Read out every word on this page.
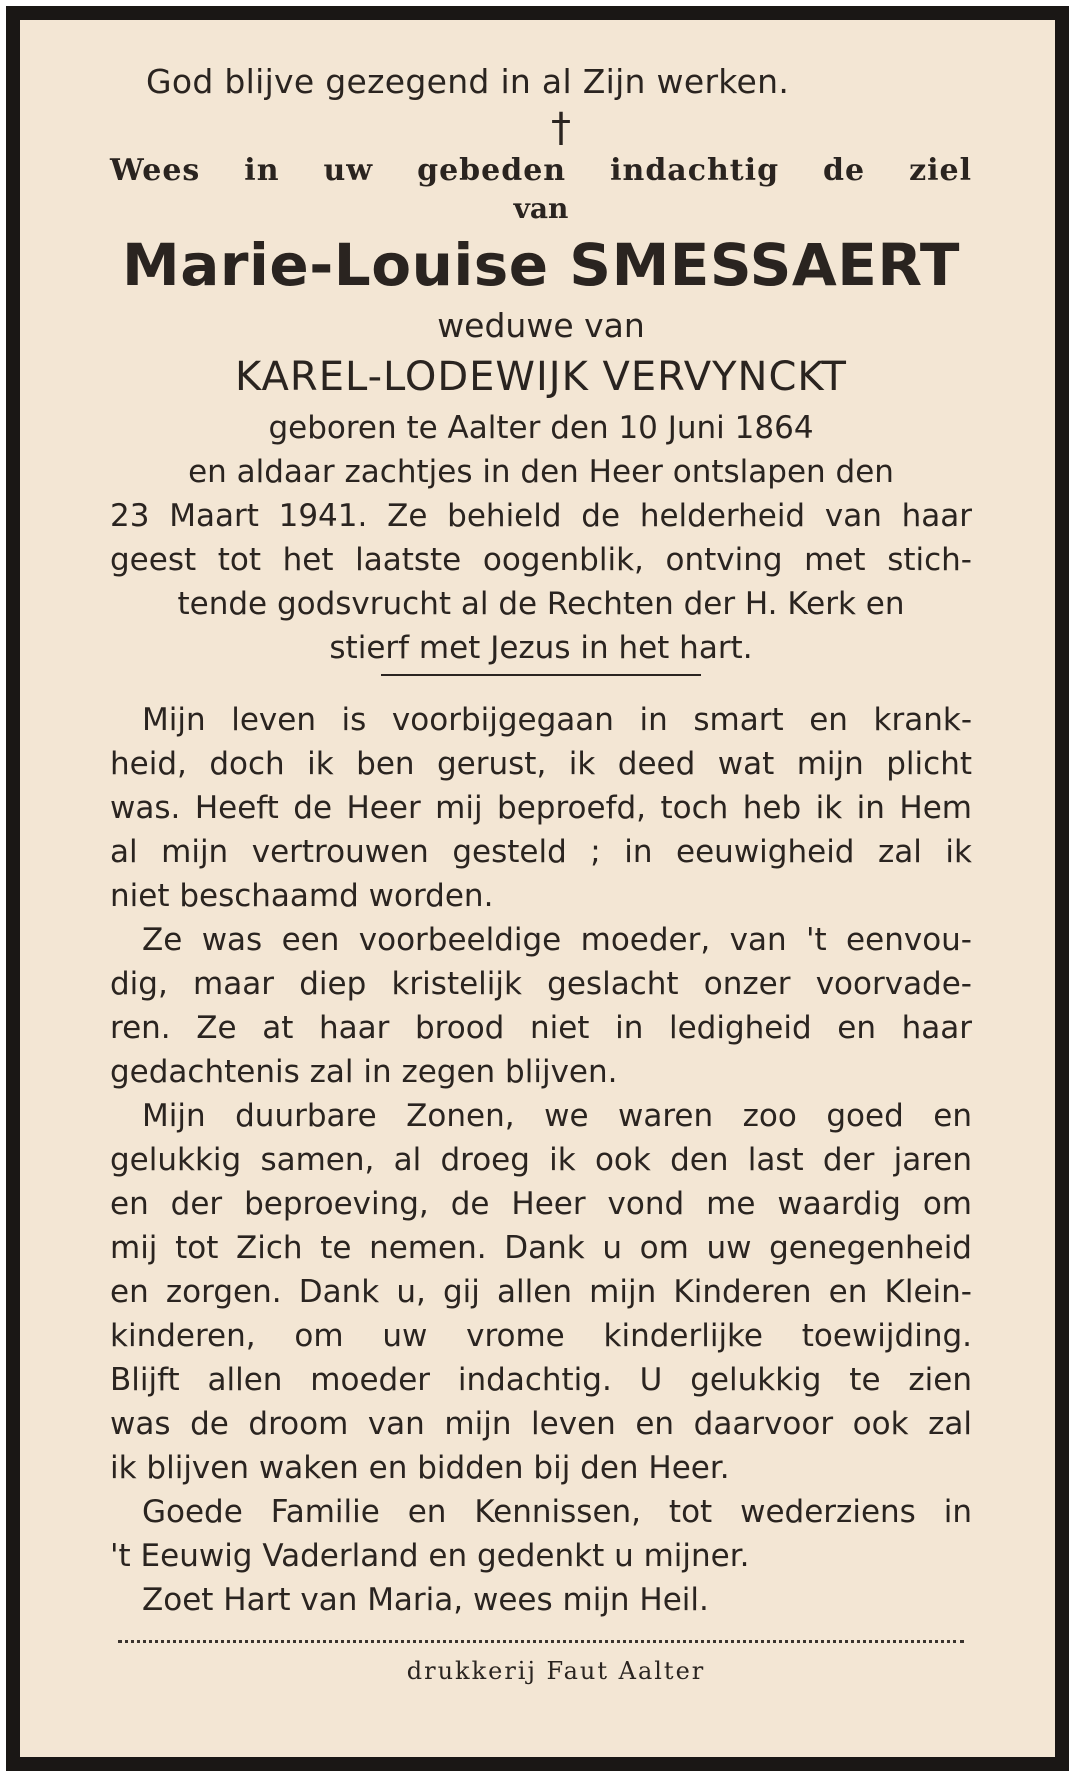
God blijve gezegend in al Zijn werken.
†
Wees in uw gebeden indachtig de ziel
van
Marie-Louise SMESSAERT
weduwe van
KAREL-LODEWIJK VERVYNCKT
geboren te Aalter den 10 Juni 1864
en aldaar zachtjes in den Heer ontslapen den
23 Maart 1941. Ze behield de helderheid van haar
geest tot het laatste oogenblik, ontving met stich-
tende godsvrucht al de Rechten der H. Kerk en
stierf met Jezus in het hart.
Mijn leven is voorbijgegaan in smart en krank-
heid, doch ik ben gerust, ik deed wat mijn plicht
was. Heeft de Heer mij beproefd, toch heb ik in Hem
al mijn vertrouwen gesteld ; in eeuwigheid zal ik
niet beschaamd worden.
Ze was een voorbeeldige moeder, van 't eenvou-
dig, maar diep kristelijk geslacht onzer voorvade-
ren. Ze at haar brood niet in ledigheid en haar
gedachtenis zal in zegen blijven.
Mijn duurbare Zonen, we waren zoo goed en
gelukkig samen, al droeg ik ook den last der jaren
en der beproeving, de Heer vond me waardig om
mij tot Zich te nemen. Dank u om uw genegenheid
en zorgen. Dank u, gij allen mijn Kinderen en Klein-
kinderen, om uw vrome kinderlijke toewijding.
Blijft allen moeder indachtig. U gelukkig te zien
was de droom van mijn leven en daarvoor ook zal
ik blijven waken en bidden bij den Heer.
Goede Familie en Kennissen, tot wederziens in
't Eeuwig Vaderland en gedenkt u mijner.
Zoet Hart van Maria, wees mijn Heil.
drukkerij Faut Aalter
